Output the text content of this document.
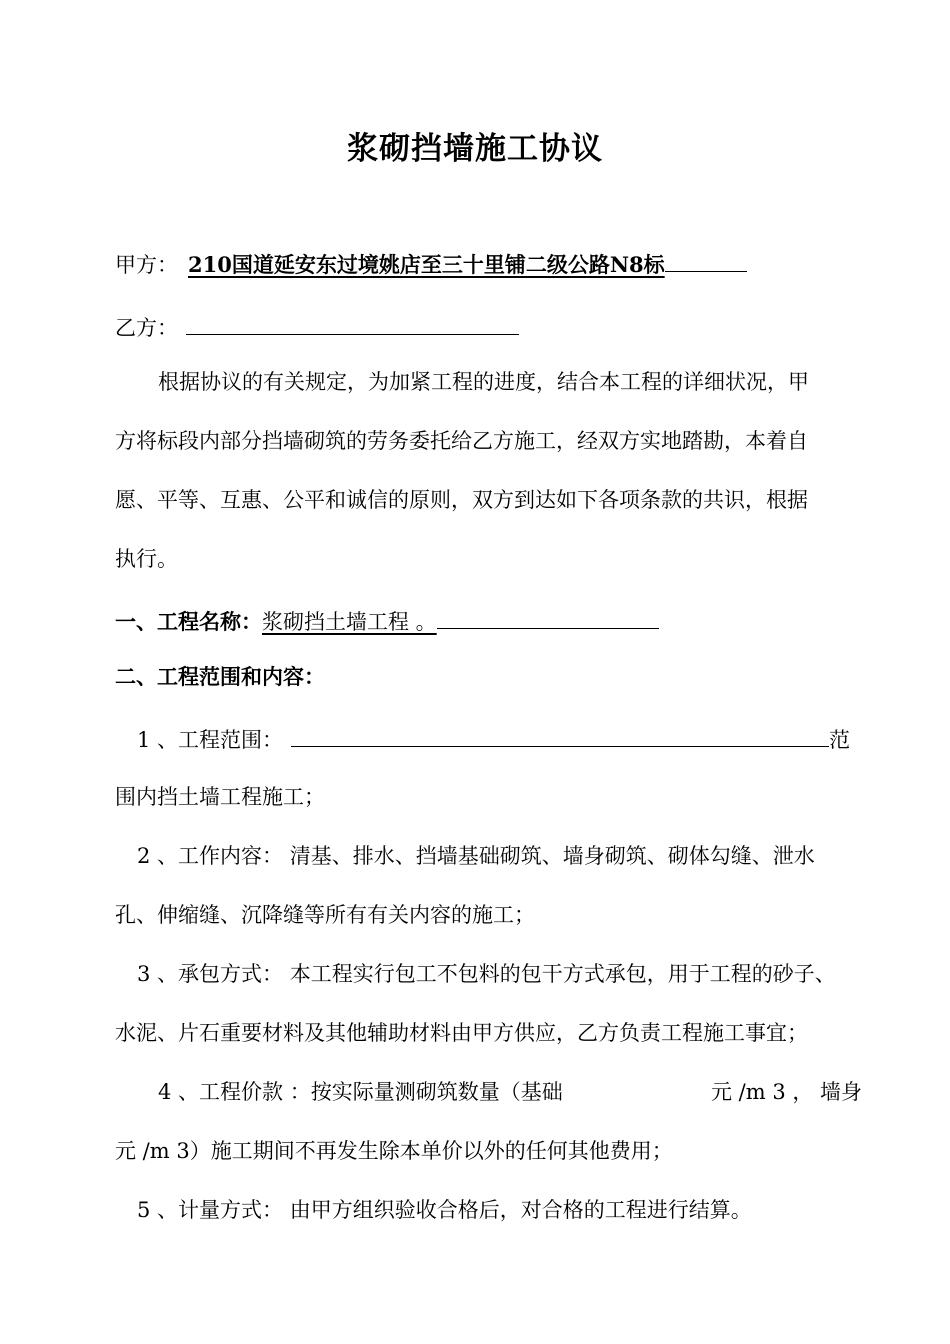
浆砌挡墙施工协议
甲方： 210国道延安东过境姚店至三十里铺二级公路N8标
乙方：
根据协议的有关规定，为加紧工程的进度，结合本工程的详细状况，甲
方将标段内部分挡墙砌筑的劳务委托给乙方施工，经双方实地踏勘，本着自
愿、平等、互惠、公平和诚信的原则，双方到达如下各项条款的共识，根据
执行。
一、工程名称：浆砌挡土墙工程 。
二、工程范围和内容：
1 、工程范围：	范
围内挡土墙工程施工；
2 、工作内容： 清基、排水、挡墙基础砌筑、墙身砌筑、砌体勾缝、泄水
孔、伸缩缝、沉降缝等所有有关内容的施工；
3 、承包方式： 本工程实行包工不包料的包干方式承包，用于工程的砂子、
水泥、片石重要材料及其他辅助材料由甲方供应，乙方负责工程施工事宜；
4 、工程价款 ：按实际量测砌筑数量（基础	元 /m 3 ， 墙身
元 /m 3）施工期间不再发生除本单价以外的任何其他费用；
5 、计量方式： 由甲方组织验收合格后，对合格的工程进行结算。
